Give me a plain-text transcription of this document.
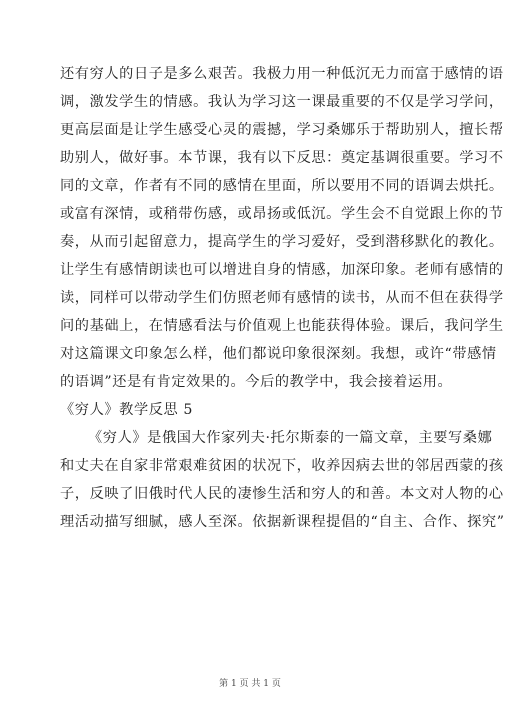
还有穷人的日子是多么艰苦。我极力用一种低沉无力而富于感情的语
调，激发学生的情感。我认为学习这一课最重要的不仅是学习学问，
更高层面是让学生感受心灵的震撼，学习桑娜乐于帮助别人，擅长帮
助别人，做好事。本节课，我有以下反思：奠定基调很重要。学习不
同的文章，作者有不同的感情在里面，所以要用不同的语调去烘托。
或富有深情，或稍带伤感，或昂扬或低沉。学生会不自觉跟上你的节
奏，从而引起留意力，提高学生的学习爱好，受到潜移默化的教化。
让学生有感情朗读也可以增进自身的情感，加深印象。老师有感情的
读，同样可以带动学生们仿照老师有感情的读书，从而不但在获得学
问的基础上，在情感看法与价值观上也能获得体验。课后，我问学生
对这篇课文印象怎么样，他们都说印象很深刻。我想，或许“带感情
的语调”还是有肯定效果的。今后的教学中，我会接着运用。
《穷人》教学反思 5
《穷人》是俄国大作家列夫·托尔斯泰的一篇文章，主要写桑娜
和丈夫在自家非常艰难贫困的状况下，收养因病去世的邻居西蒙的孩
子，反映了旧俄时代人民的凄惨生活和穷人的和善。本文对人物的心
理活动描写细腻，感人至深。依据新课程提倡的“自主、合作、探究”
第 1 页 共 1 页
